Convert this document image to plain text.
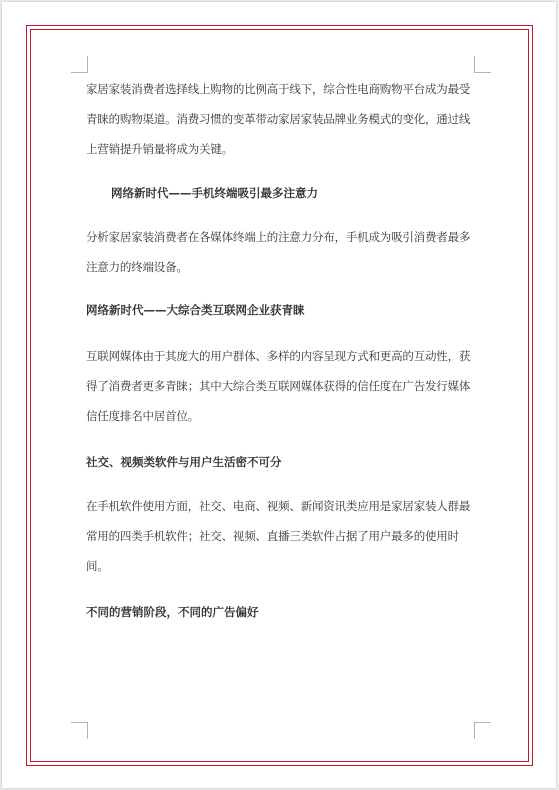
家居家装消费者选择线上购物的比例高于线下，综合性电商购物平台成为最受青睐的购物渠道。消费习惯的变革带动家居家装品牌业务模式的变化，通过线上营销提升销量将成为关键。

网络新时代——手机终端吸引最多注意力

分析家居家装消费者在各媒体终端上的注意力分布，手机成为吸引消费者最多注意力的终端设备。

网络新时代——大综合类互联网企业获青睐

互联网媒体由于其庞大的用户群体、多样的内容呈现方式和更高的互动性，获得了消费者更多青睐；其中大综合类互联网媒体获得的信任度在广告发行媒体信任度排名中居首位。

社交、视频类软件与用户生活密不可分

在手机软件使用方面，社交、电商、视频、新闻资讯类应用是家居家装人群最常用的四类手机软件；社交、视频、直播三类软件占据了用户最多的使用时间。

不同的营销阶段，不同的广告偏好
